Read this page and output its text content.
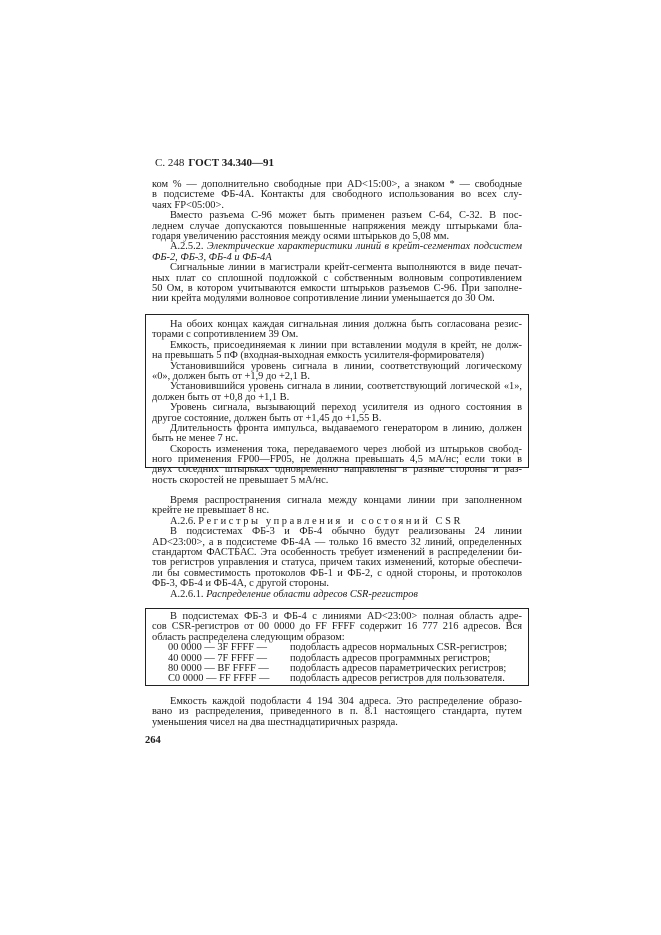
С. 248 ГОСТ 34.340—91
ком % — дополнительно свободные при AD<15:00>, а знаком * — свободные
в подсистеме ФБ-4А. Контакты для свободного использования во всех слу-
чаях FP<05:00>.
Вместо разъема С-96 может быть применен разъем С-64, С-32. В пос-
леднем случае допускаются повышенные напряжения между штырьками бла-
годаря увеличению расстояния между осями штырьков до 5,08 мм.
А.2.5.2. Электрические характеристики линий в крейт-сегментах подсистем
ФБ-2, ФБ-3, ФБ-4 и ФБ-4А
Сигнальные линии в магистрали крейт-сегмента выполняются в виде печат-
ных плат со сплошной подложкой с собственным волновым сопротивлением
50 Ом, в котором учитываются емкости штырьков разъемов С-96. При заполне-
нии крейта модулями волновое сопротивление линии уменьшается до 30 Ом.
На обоих концах каждая сигнальная линия должна быть согласована резис-
торами с сопротивлением 39 Ом.
Емкость, присоединяемая к линии при вставлении модуля в крейт, не долж-
на превышать 5 пФ (входная-выходная емкость усилителя-формирователя)
Установившийся уровень сигнала в линии, соответствующий логическому
«0», должен быть от +1,9 до +2,1 В.
Установившийся уровень сигнала в линии, соответствующий логической «1»,
должен быть от +0,8 до +1,1 В.
Уровень сигнала, вызывающий переход усилителя из одного состояния в
другое состояние, должен быть от +1,45 до +1,55 В.
Длительность фронта импульса, выдаваемого генератором в линию, должен
быть не менее 7 нс.
Скорость изменения тока, передаваемого через любой из штырьков свобод-
ного применения FP00—FP05, не должна превышать 4,5 мА/нс; если токи в
двух соседних штырьках одновременно направлены в разные стороны и раз-
ность скоростей не превышает 5 мА/нс.
Время распространения сигнала между концами линии при заполненном
крейте не превышает 8 нс.
А.2.6. Регистры управления и состояний CSR
В подсистемах ФБ-3 и ФБ-4 обычно будут реализованы 24 линии
AD<23:00>, а в подсистеме ФБ-4А — только 16 вместо 32 линий, определенных
стандартом ФАСТБАС. Эта особенность требует изменений в распределении би-
тов регистров управления и статуса, причем таких изменений, которые обеспечи-
ли бы совместимость протоколов ФБ-1 и ФБ-2, с одной стороны, и протоколов
ФБ-3, ФБ-4 и ФБ-4А, с другой стороны.
А.2.6.1. Распределение области адресов CSR-регистров
В подсистемах ФБ-3 и ФБ-4 с линиями AD<23:00> полная область адре-
сов CSR-регистров от 00 0000 до FF FFFF содержит 16 777 216 адресов. Вся
область распределена следующим образом:
00 0000 — 3F FFFF —	подобласть адресов нормальных CSR-регистров;
40 0000 — 7F FFFF —	подобласть адресов программных регистров;
80 0000 — BF FFFF —	подобласть адресов параметрических регистров;
C0 0000 — FF FFFF —	подобласть адресов регистров для пользователя.
Емкость каждой подобласти 4 194 304 адреса. Это распределение образо-
вано из распределения, приведенного в п. 8.1 настоящего стандарта, путем
уменьшения чисел на два шестнадцатиричных разряда.
264
